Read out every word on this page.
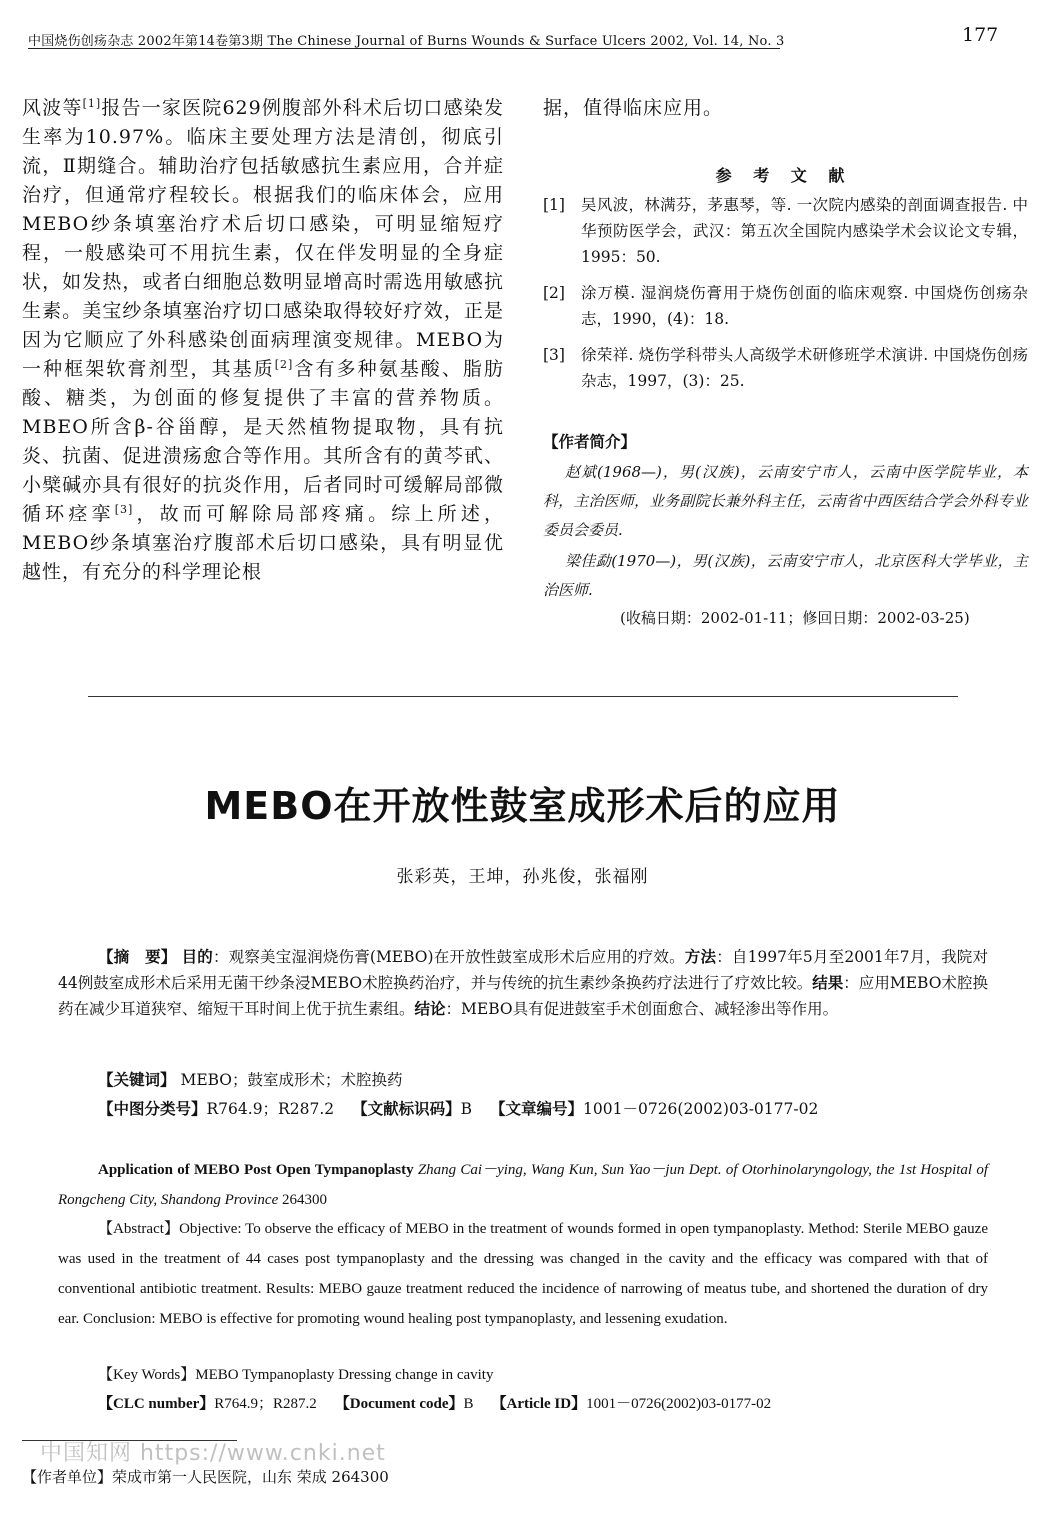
中国烧伤创疡杂志 2002年第14卷第3期 The Chinese Journal of Burns Wounds & Surface Ulcers 2002, Vol. 14, No. 3	177
风波等[1]报告一家医院629例腹部外科术后切口感染发生率为10.97%。临床主要处理方法是清创，彻底引流，Ⅱ期缝合。辅助治疗包括敏感抗生素应用，合并症治疗，但通常疗程较长。根据我们的临床体会，应用MEBO纱条填塞治疗术后切口感染，可明显缩短疗程，一般感染可不用抗生素，仅在伴发明显的全身症状，如发热，或者白细胞总数明显增高时需选用敏感抗生素。美宝纱条填塞治疗切口感染取得较好疗效，正是因为它顺应了外科感染创面病理演变规律。MEBO为一种框架软膏剂型，其基质[2]含有多种氨基酸、脂肪酸、糖类，为创面的修复提供了丰富的营养物质。MBEO所含β-谷甾醇，是天然植物提取物，具有抗炎、抗菌、促进溃疡愈合等作用。其所含有的黄芩甙、小檗碱亦具有很好的抗炎作用，后者同时可缓解局部微循环痉挛[3]，故而可解除局部疼痛。综上所述，MEBO纱条填塞治疗腹部术后切口感染，具有明显优越性，有充分的科学理论根
据，值得临床应用。
参 考 文 献
[1]	吴风波，林满芬，茅惠琴，等. 一次院内感染的剖面调查报告. 中华预防医学会，武汉：第五次全国院内感染学术会议论文专辑，1995：50.
[2]	涂万模. 湿润烧伤膏用于烧伤创面的临床观察. 中国烧伤创疡杂志，1990，(4)：18.
[3]	徐荣祥. 烧伤学科带头人高级学术研修班学术演讲. 中国烧伤创疡杂志，1997，(3)：25.
【作者简介】

赵斌(1968—)，男(汉族)，云南安宁市人，云南中医学院毕业，本科，主治医师，业务副院长兼外科主任，云南省中西医结合学会外科专业委员会委员.

梁佳勐(1970—)，男(汉族)，云南安宁市人，北京医科大学毕业，主治医师.

(收稿日期：2002-01-11；修回日期：2002-03-25)
MEBO在开放性鼓室成形术后的应用
张彩英，王坤，孙兆俊，张福刚
【摘　要】 目的：观察美宝湿润烧伤膏(MEBO)在开放性鼓室成形术后应用的疗效。方法：自1997年5月至2001年7月，我院对44例鼓室成形术后采用无菌干纱条浸MEBO术腔换药治疗，并与传统的抗生素纱条换药疗法进行了疗效比较。结果：应用MEBO术腔换药在减少耳道狭窄、缩短干耳时间上优于抗生素组。结论：MEBO具有促进鼓室手术创面愈合、减轻渗出等作用。
【关键词】 MEBO；鼓室成形术；术腔换药
【中图分类号】R764.9；R287.2 【文献标识码】B 【文章编号】1001－0726(2002)03-0177-02
Application of MEBO Post Open Tympanoplasty Zhang Cai－ying, Wang Kun, Sun Yao－jun Dept. of Otorhinolaryngology, the 1st Hospital of Rongcheng City, Shandong Province 264300
【Abstract】Objective: To observe the efficacy of MEBO in the treatment of wounds formed in open tympanoplasty. Method: Sterile MEBO gauze was used in the treatment of 44 cases post tympanoplasty and the dressing was changed in the cavity and the efficacy was compared with that of conventional antibiotic treatment. Results: MEBO gauze treatment reduced the incidence of narrowing of meatus tube, and shortened the duration of dry ear. Conclusion: MEBO is effective for promoting wound healing post tympanoplasty, and lessening exudation.
【Key Words】MEBO Tympanoplasty Dressing change in cavity
【CLC number】R764.9；R287.2 【Document code】B 【Article ID】1001－0726(2002)03-0177-02
中国知网 https://www.cnki.net
【作者单位】荣成市第一人民医院，山东 荣成 264300
